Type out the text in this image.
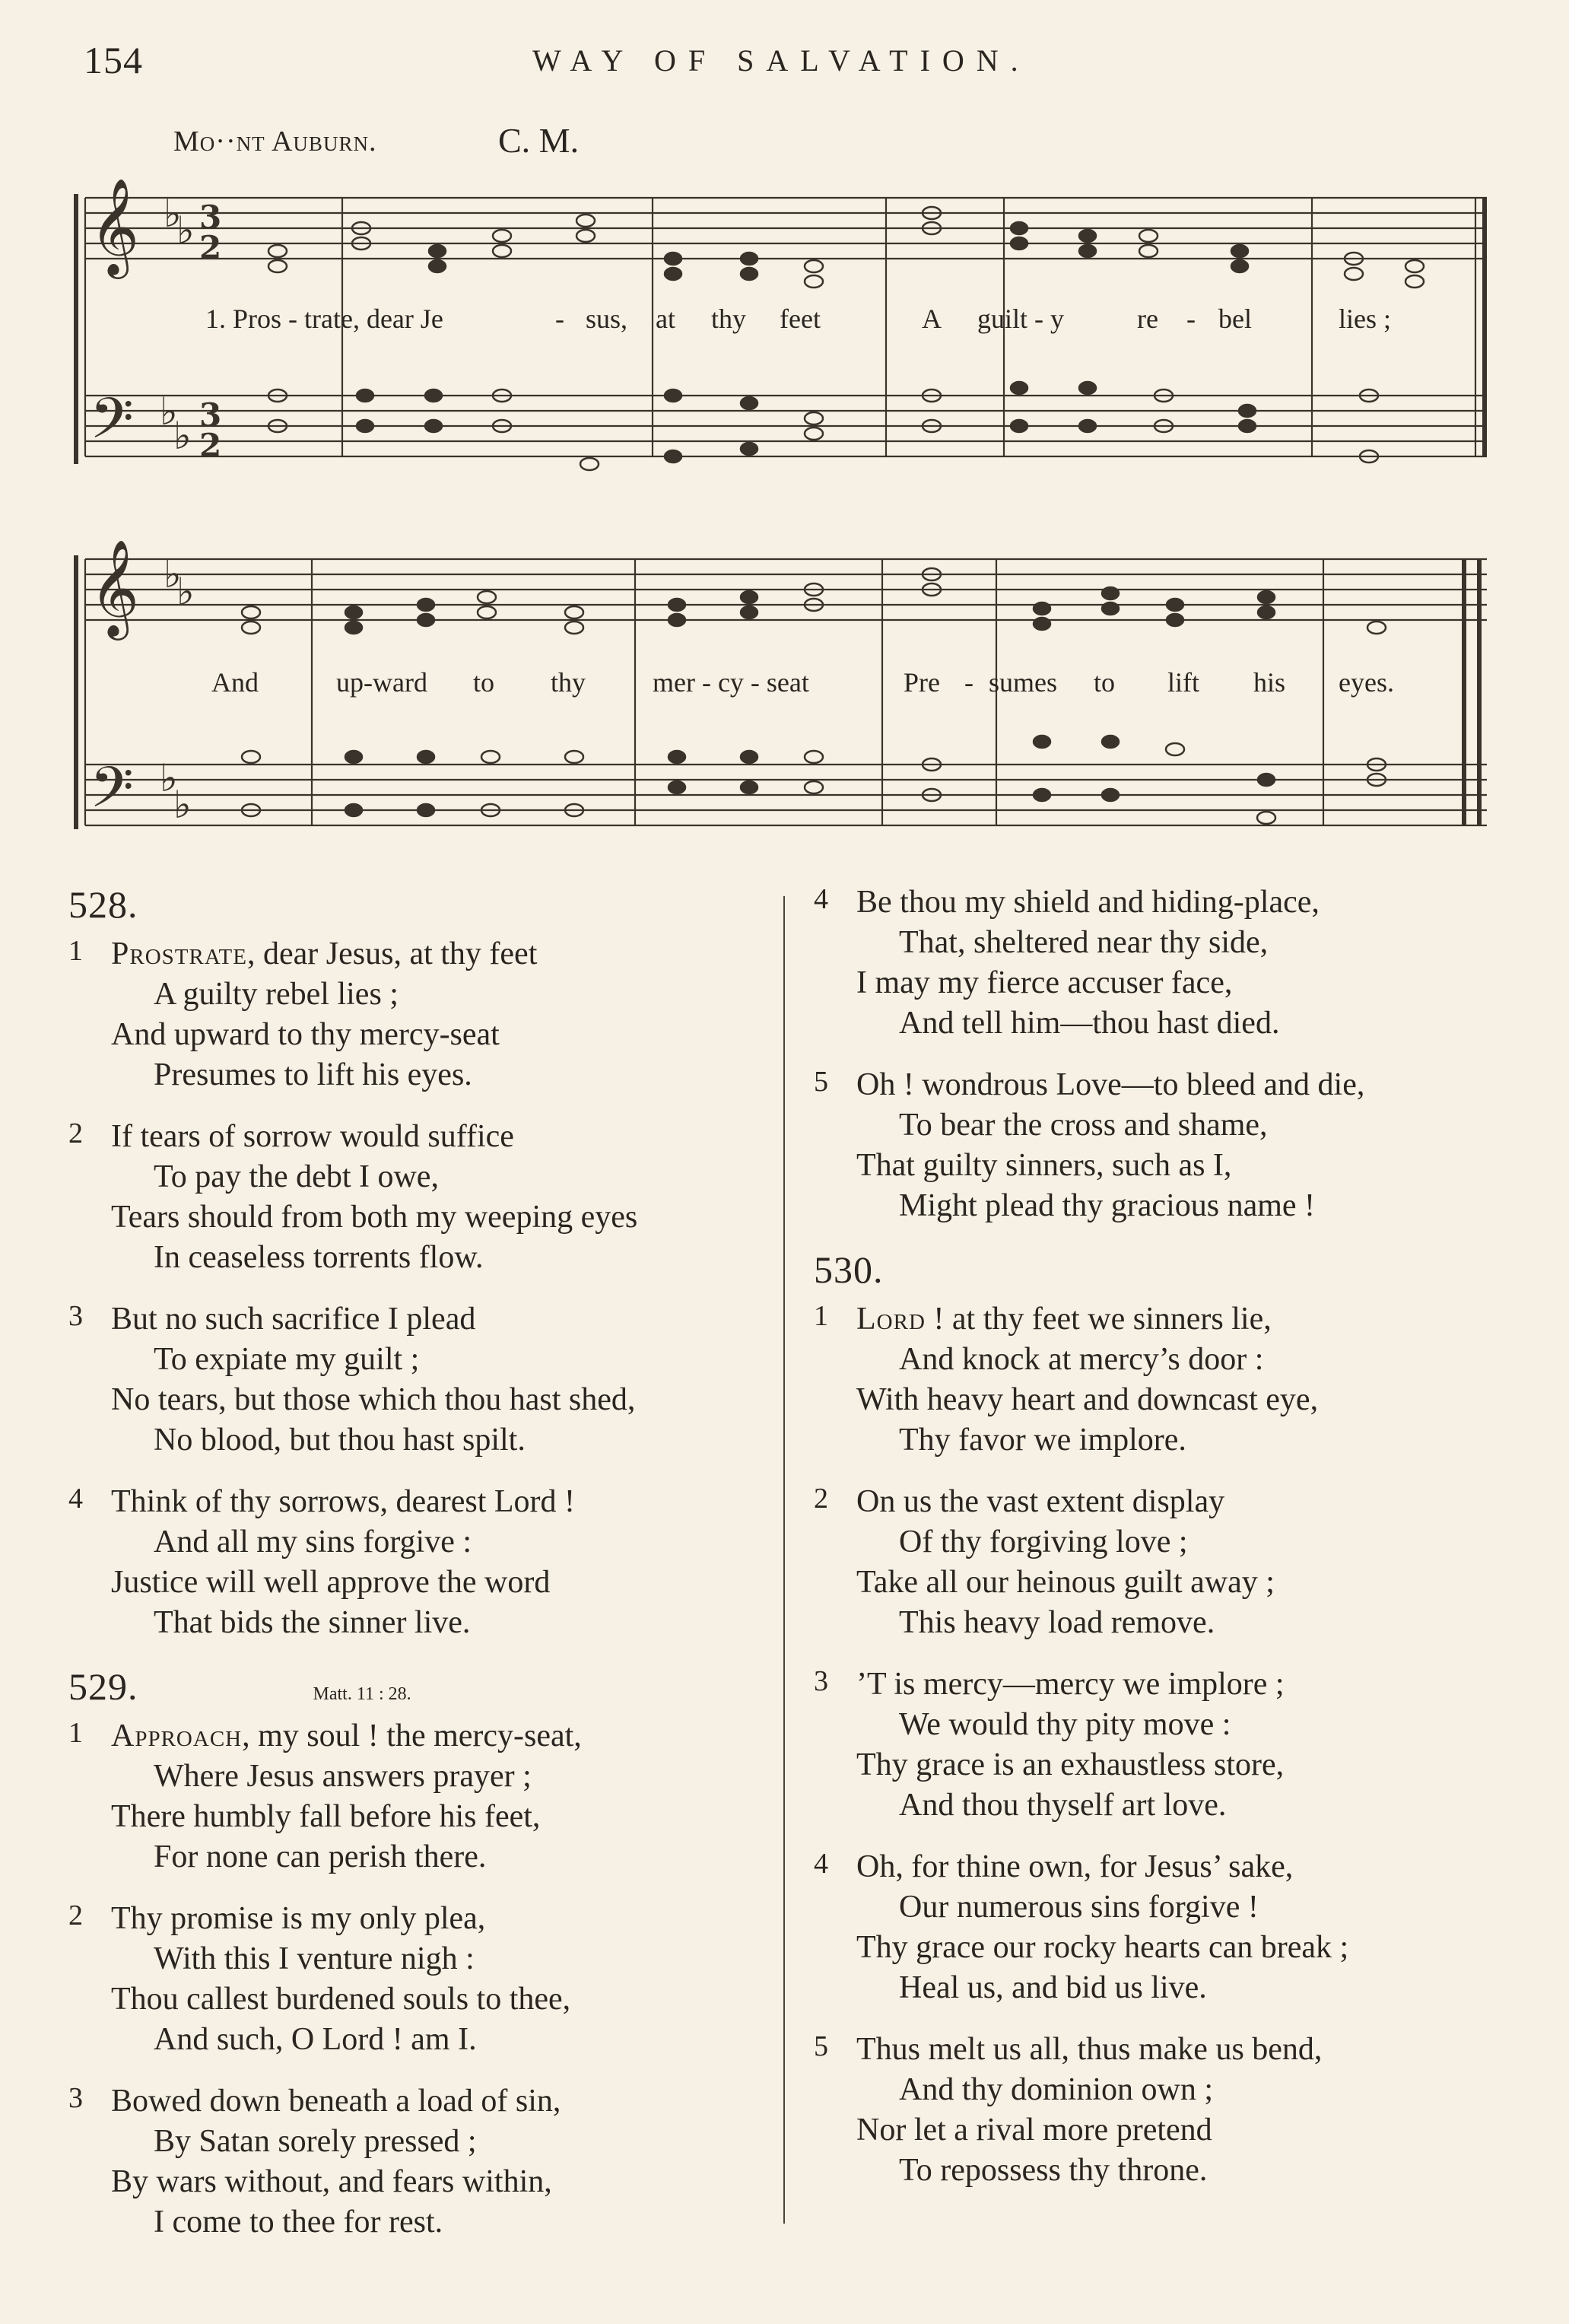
154	WAY OF SALVATION.
Mo··nt Auburn.	C. M.
𝄞
𝄢
𝄞
𝄢
♭
♭
♭
♭
♭
♭
♭
♭
3
2
3
2
1. Pros - trate, dear Je	- sus, at thy feet	A guilt - y	re - bel	lies ;
And	up-ward to thy mer - cy - seat	Pre - sumes to lift his eyes.
528.
1 Prostrate, dear Jesus, at thy feet
A guilty rebel lies ;
And upward to thy mercy-seat
Presumes to lift his eyes.
2 If tears of sorrow would suffice
To pay the debt I owe,
Tears should from both my weeping eyes
In ceaseless torrents flow.
3 But no such sacrifice I plead
To expiate my guilt ;
No tears, but those which thou hast shed,
No blood, but thou hast spilt.
4 Think of thy sorrows, dearest Lord !
And all my sins forgive :
Justice will well approve the word
That bids the sinner live.
529.	Matt. 11 : 28.
1 Approach, my soul ! the mercy-seat,
Where Jesus answers prayer ;
There humbly fall before his feet,
For none can perish there.
2 Thy promise is my only plea,
With this I venture nigh :
Thou callest burdened souls to thee,
And such, O Lord ! am I.
3 Bowed down beneath a load of sin,
By Satan sorely pressed ;
By wars without, and fears within,
I come to thee for rest.
4 Be thou my shield and hiding-place,
That, sheltered near thy side,
I may my fierce accuser face,
And tell him—thou hast died.
5 Oh ! wondrous Love—to bleed and die,
To bear the cross and shame,
That guilty sinners, such as I,
Might plead thy gracious name !
530.
1 Lord ! at thy feet we sinners lie,
And knock at mercy’s door :
With heavy heart and downcast eye,
Thy favor we implore.
2 On us the vast extent display
Of thy forgiving love ;
Take all our heinous guilt away ;
This heavy load remove.
3 ’T is mercy—mercy we implore ;
We would thy pity move :
Thy grace is an exhaustless store,
And thou thyself art love.
4 Oh, for thine own, for Jesus’ sake,
Our numerous sins forgive !
Thy grace our rocky hearts can break ;
Heal us, and bid us live.
5 Thus melt us all, thus make us bend,
And thy dominion own ;
Nor let a rival more pretend
To repossess thy throne.
